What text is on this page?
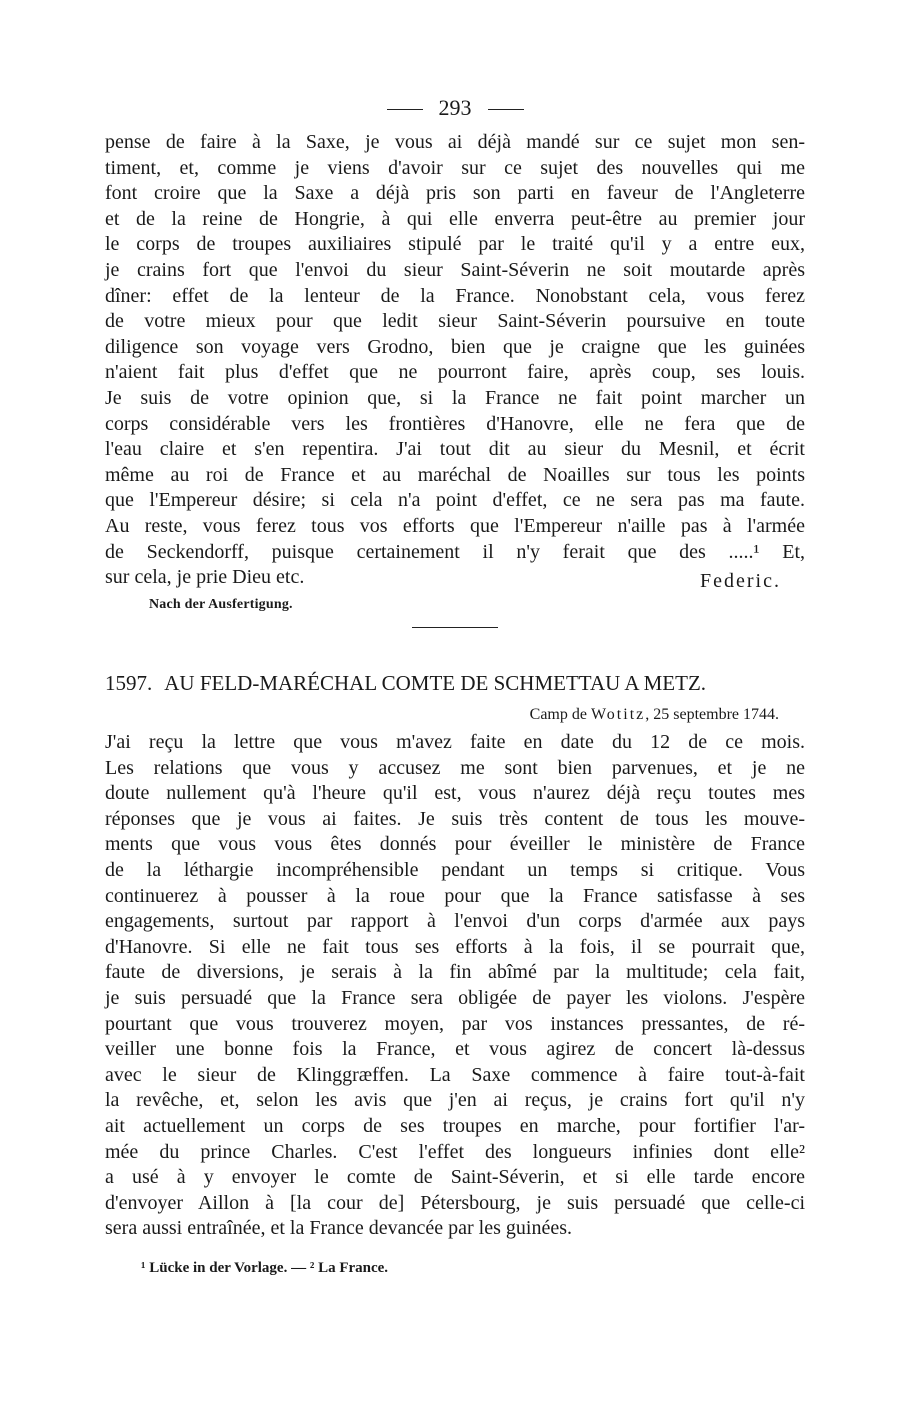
293
pense de faire à la Saxe, je vous ai déjà mandé sur ce sujet mon sen-
timent, et, comme je viens d'avoir sur ce sujet des nouvelles qui me
font croire que la Saxe a déjà pris son parti en faveur de l'Angleterre
et de la reine de Hongrie, à qui elle enverra peut-être au premier jour
le corps de troupes auxiliaires stipulé par le traité qu'il y a entre eux,
je crains fort que l'envoi du sieur Saint-Séverin ne soit moutarde après
dîner: effet de la lenteur de la France. Nonobstant cela, vous ferez
de votre mieux pour que ledit sieur Saint-Séverin poursuive en toute
diligence son voyage vers Grodno, bien que je craigne que les guinées
n'aient fait plus d'effet que ne pourront faire, après coup, ses louis.
Je suis de votre opinion que, si la France ne fait point marcher un
corps considérable vers les frontières d'Hanovre, elle ne fera que de
l'eau claire et s'en repentira. J'ai tout dit au sieur du Mesnil, et écrit
même au roi de France et au maréchal de Noailles sur tous les points
que l'Empereur désire; si cela n'a point d'effet, ce ne sera pas ma faute.
Au reste, vous ferez tous vos efforts que l'Empereur n'aille pas à l'armée
de Seckendorff, puisque certainement il n'y ferait que des .....¹ Et,
sur cela, je prie Dieu etc.	Federic.
Nach der Ausfertigung.
1597. AU FELD-MARÉCHAL COMTE DE SCHMETTAU A METZ.
Camp de Wotitz, 25 septembre 1744.
J'ai reçu la lettre que vous m'avez faite en date du 12 de ce mois.
Les relations que vous y accusez me sont bien parvenues, et je ne
doute nullement qu'à l'heure qu'il est, vous n'aurez déjà reçu toutes mes
réponses que je vous ai faites. Je suis très content de tous les mouve-
ments que vous vous êtes donnés pour éveiller le ministère de France
de la léthargie incompréhensible pendant un temps si critique. Vous
continuerez à pousser à la roue pour que la France satisfasse à ses
engagements, surtout par rapport à l'envoi d'un corps d'armée aux pays
d'Hanovre. Si elle ne fait tous ses efforts à la fois, il se pourrait que,
faute de diversions, je serais à la fin abîmé par la multitude; cela fait,
je suis persuadé que la France sera obligée de payer les violons. J'espère
pourtant que vous trouverez moyen, par vos instances pressantes, de ré-
veiller une bonne fois la France, et vous agirez de concert là-dessus
avec le sieur de Klinggræffen. La Saxe commence à faire tout-à-fait
la revêche, et, selon les avis que j'en ai reçus, je crains fort qu'il n'y
ait actuellement un corps de ses troupes en marche, pour fortifier l'ar-
mée du prince Charles. C'est l'effet des longueurs infinies dont elle²
a usé à y envoyer le comte de Saint-Séverin, et si elle tarde encore
d'envoyer Aillon à [la cour de] Pétersbourg, je suis persuadé que celle-ci
sera aussi entraînée, et la France devancée par les guinées.
¹ Lücke in der Vorlage. — ² La France.
